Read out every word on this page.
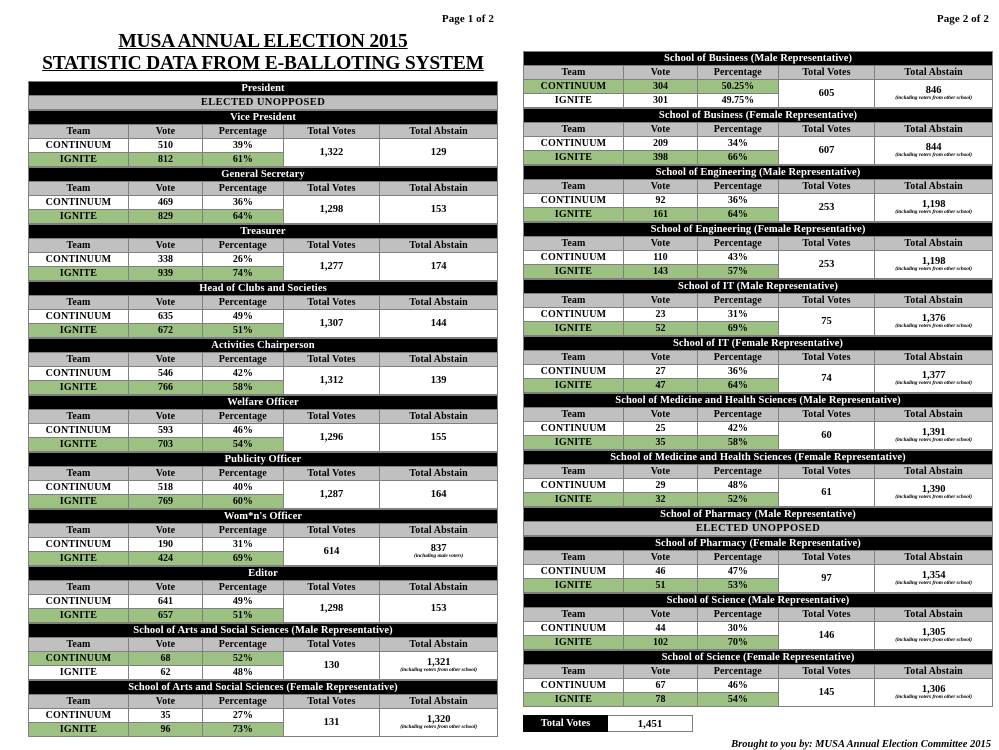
Page 1 of 2
MUSA ANNUAL ELECTION 2015
STATISTIC DATA FROM E-BALLOTING SYSTEM
President
ELECTED UNOPPOSED
Vice President				
Team	Vote	Percentage	Total Votes	Total Abstain
CONTINUUM	510	39%	1,322	129
IGNITE	812	61%		
General Secretary				
Team	Vote	Percentage	Total Votes	Total Abstain
CONTINUUM	469	36%	1,298	153
IGNITE	829	64%		
Treasurer				
Team	Vote	Percentage	Total Votes	Total Abstain
CONTINUUM	338	26%	1,277	174
IGNITE	939	74%		
Head of Clubs and Societies				
Team	Vote	Percentage	Total Votes	Total Abstain
CONTINUUM	635	49%	1,307	144
IGNITE	672	51%		
Activities Chairperson				
Team	Vote	Percentage	Total Votes	Total Abstain
CONTINUUM	546	42%	1,312	139
IGNITE	766	58%		
Welfare Officer				
Team	Vote	Percentage	Total Votes	Total Abstain
CONTINUUM	593	46%	1,296	155
IGNITE	703	54%		
Publicity Officer				
Team	Vote	Percentage	Total Votes	Total Abstain
CONTINUUM	518	40%	1,287	164
IGNITE	769	60%		
Wom*n's Officer				
Team	Vote	Percentage	Total Votes	Total Abstain
CONTINUUM	190	31%	614	837
(including male voters)

IGNITE	424	69%		
Editor				
Team	Vote	Percentage	Total Votes	Total Abstain
CONTINUUM	641	49%	1,298	153
IGNITE	657	51%		
School of Arts and Social Sciences (Male Representative)				
Team	Vote	Percentage	Total Votes	Total Abstain
CONTINUUM	68	52%	130	1,321
(including voters from other school)

IGNITE	62	48%		
School of Arts and Social Sciences (Female Representative)				
Team	Vote	Percentage	Total Votes	Total Abstain
CONTINUUM	35	27%	131	1,320
(including voters from other school)

IGNITE	96	73%		
Page 2 of 2
School of Business (Male Representative)				
Team	Vote	Percentage	Total Votes	Total Abstain
CONTINUUM	304	50.25%	605	846
(including voters from other school)

IGNITE	301	49.75%		
School of Business (Female Representative)				
Team	Vote	Percentage	Total Votes	Total Abstain
CONTINUUM	209	34%	607	844
(including voters from other school)

IGNITE	398	66%		
School of Engineering (Male Representative)				
Team	Vote	Percentage	Total Votes	Total Abstain
CONTINUUM	92	36%	253	1,198
(including voters from other school)

IGNITE	161	64%		
School of Engineering (Female Representative)				
Team	Vote	Percentage	Total Votes	Total Abstain
CONTINUUM	110	43%	253	1,198
(including voters from other school)

IGNITE	143	57%		
School of IT (Male Representative)				
Team	Vote	Percentage	Total Votes	Total Abstain
CONTINUUM	23	31%	75	1,376
(including voters from other school)

IGNITE	52	69%		
School of IT (Female Representative)				
Team	Vote	Percentage	Total Votes	Total Abstain
CONTINUUM	27	36%	74	1,377
(including voters from other school)

IGNITE	47	64%		
School of Medicine and Health Sciences (Male Representative)				
Team	Vote	Percentage	Total Votes	Total Abstain
CONTINUUM	25	42%	60	1,391
(including voters from other school)

IGNITE	35	58%		
School of Medicine and Health Sciences (Female Representative)				
Team	Vote	Percentage	Total Votes	Total Abstain
CONTINUUM	29	48%	61	1,390
(including voters from other school)

IGNITE	32	52%		
School of Pharmacy (Male Representative)
ELECTED UNOPPOSED
School of Pharmacy (Female Representative)				
Team	Vote	Percentage	Total Votes	Total Abstain
CONTINUUM	46	47%	97	1,354
(including voters from other school)

IGNITE	51	53%		
School of Science (Male Representative)				
Team	Vote	Percentage	Total Votes	Total Abstain
CONTINUUM	44	30%	146	1,305
(including voters from other school)

IGNITE	102	70%		
School of Science (Female Representative)				
Team	Vote	Percentage	Total Votes	Total Abstain
CONTINUUM	67	46%	145	1,306
(including voters from other school)

IGNITE	78	54%		
Total Votes	1,451
Brought to you by: MUSA Annual Election Committee 2015
